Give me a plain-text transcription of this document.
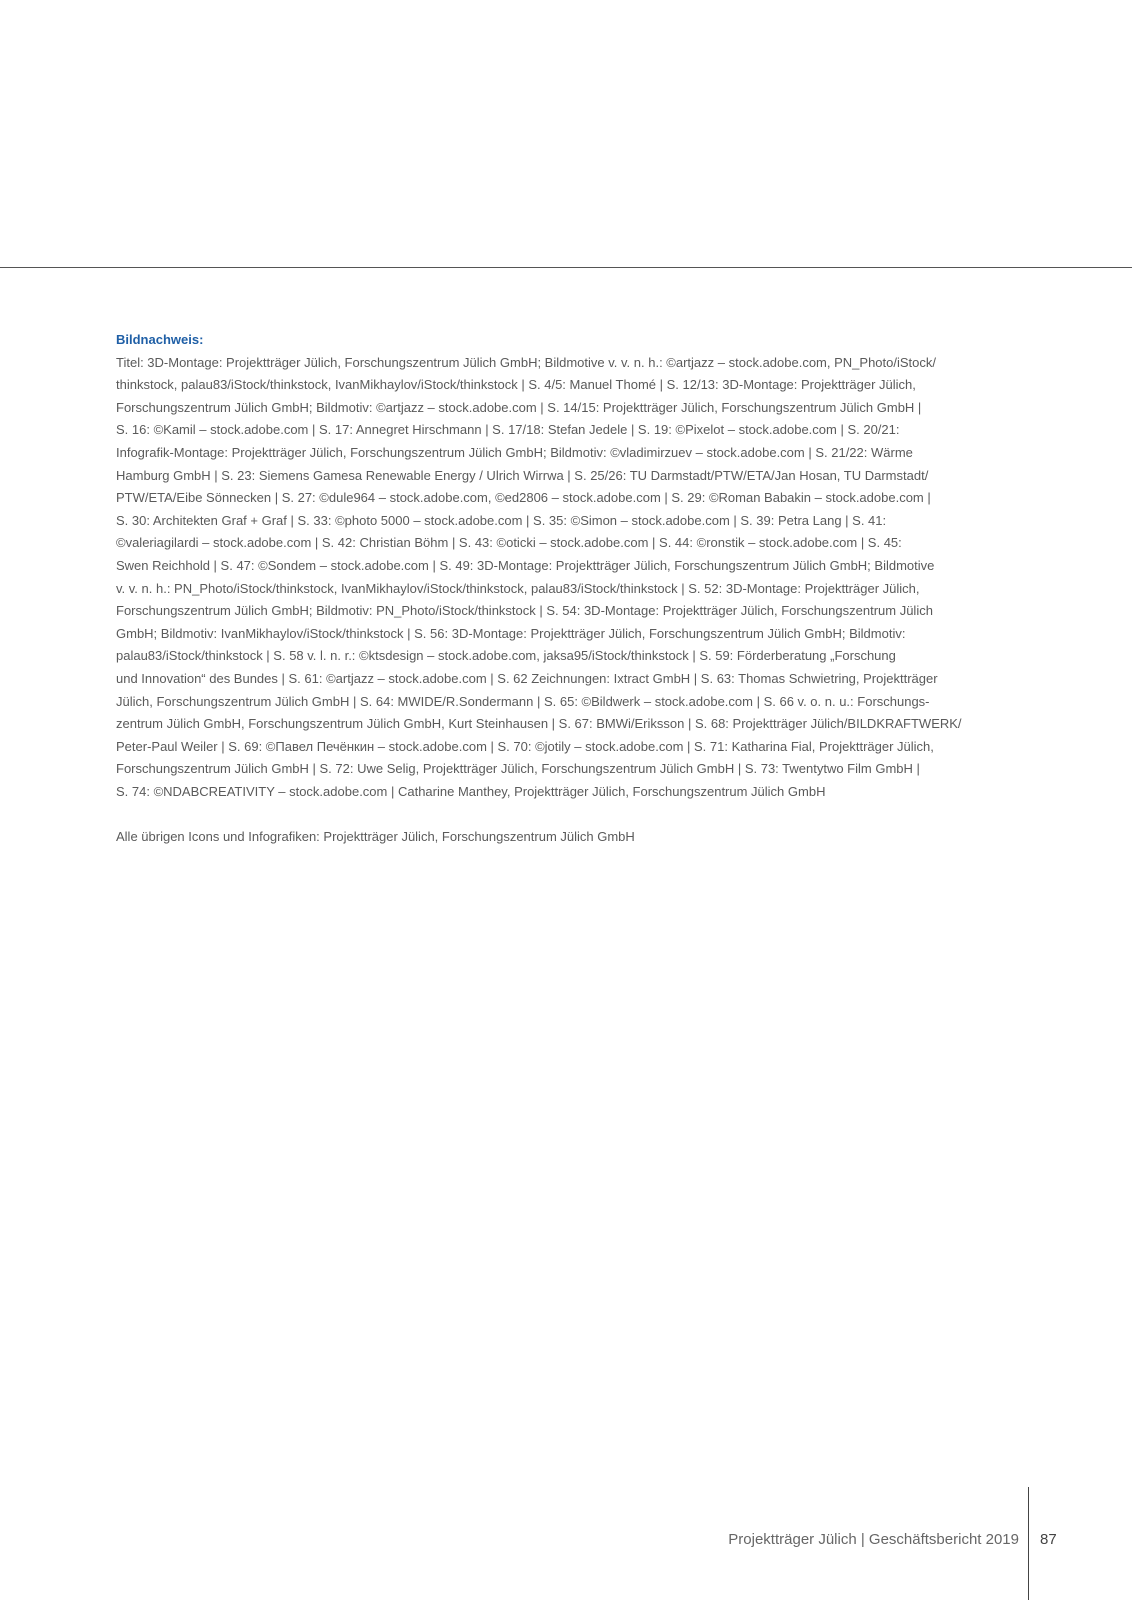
Bildnachweis:

Titel: 3D-Montage: Projektträger Jülich, Forschungszentrum Jülich GmbH; Bildmotive v. v. n. h.: ©artjazz – stock.adobe.com, PN_Photo/iStock/
thinkstock, palau83/iStock/thinkstock, IvanMikhaylov/iStock/thinkstock | S. 4/5: Manuel Thomé | S. 12/13: 3D-Montage: Projektträger Jülich,
Forschungszentrum Jülich GmbH; Bildmotiv: ©artjazz – stock.adobe.com | S. 14/15: Projektträger Jülich, Forschungszentrum Jülich GmbH |
S. 16: ©Kamil – stock.adobe.com | S. 17: Annegret Hirschmann | S. 17/18: Stefan Jedele | S. 19: ©Pixelot – stock.adobe.com | S. 20/21:
Infografik-Montage: Projektträger Jülich, Forschungszentrum Jülich GmbH; Bildmotiv: ©vladimirzuev – stock.adobe.com | S. 21/22: Wärme
Hamburg GmbH | S. 23: Siemens Gamesa Renewable Energy / Ulrich Wirrwa | S. 25/26: TU Darmstadt/PTW/ETA/Jan Hosan, TU Darmstadt/
PTW/ETA/Eibe Sönnecken | S. 27: ©dule964 – stock.adobe.com, ©ed2806 – stock.adobe.com | S. 29: ©Roman Babakin – stock.adobe.com |
S. 30: Architekten Graf + Graf | S. 33: ©photo 5000 – stock.adobe.com | S. 35: ©Simon – stock.adobe.com | S. 39: Petra Lang | S. 41:
©valeriagilardi – stock.adobe.com | S. 42: Christian Böhm | S. 43: ©oticki – stock.adobe.com | S. 44: ©ronstik – stock.adobe.com | S. 45:
Swen Reichhold | S. 47: ©Sondem – stock.adobe.com | S. 49: 3D-Montage: Projektträger Jülich, Forschungszentrum Jülich GmbH; Bildmotive
v. v. n. h.: PN_Photo/iStock/thinkstock, IvanMikhaylov/iStock/thinkstock, palau83/iStock/thinkstock | S. 52: 3D-Montage: Projektträger Jülich,
Forschungszentrum Jülich GmbH; Bildmotiv: PN_Photo/iStock/thinkstock | S. 54: 3D-Montage: Projektträger Jülich, Forschungszentrum Jülich
GmbH; Bildmotiv: IvanMikhaylov/iStock/thinkstock | S. 56: 3D-Montage: Projektträger Jülich, Forschungszentrum Jülich GmbH; Bildmotiv:
palau83/iStock/thinkstock | S. 58 v. l. n. r.: ©ktsdesign – stock.adobe.com, jaksa95/iStock/thinkstock | S. 59: Förderberatung „Forschung
und Innovation“ des Bundes | S. 61: ©artjazz – stock.adobe.com | S. 62 Zeichnungen: Ixtract GmbH | S. 63: Thomas Schwietring, Projektträger
Jülich, Forschungszentrum Jülich GmbH | S. 64: MWIDE/R.Sondermann | S. 65: ©Bildwerk – stock.adobe.com | S. 66 v. o. n. u.: Forschungs-
zentrum Jülich GmbH, Forschungszentrum Jülich GmbH, Kurt Steinhausen | S. 67: BMWi/Eriksson | S. 68: Projektträger Jülich/BILDKRAFTWERK/
Peter-Paul Weiler | S. 69: ©Павел Печёнкин – stock.adobe.com | S. 70: ©jotily – stock.adobe.com | S. 71: Katharina Fial, Projektträger Jülich,
Forschungszentrum Jülich GmbH | S. 72: Uwe Selig, Projektträger Jülich, Forschungszentrum Jülich GmbH | S. 73: Twentytwo Film GmbH |
S. 74: ©NDABCREATIVITY – stock.adobe.com | Catharine Manthey, Projektträger Jülich, Forschungszentrum Jülich GmbH

Alle übrigen Icons und Infografiken: Projektträger Jülich, Forschungszentrum Jülich GmbH

Projektträger Jülich | Geschäftsbericht 2019 87
